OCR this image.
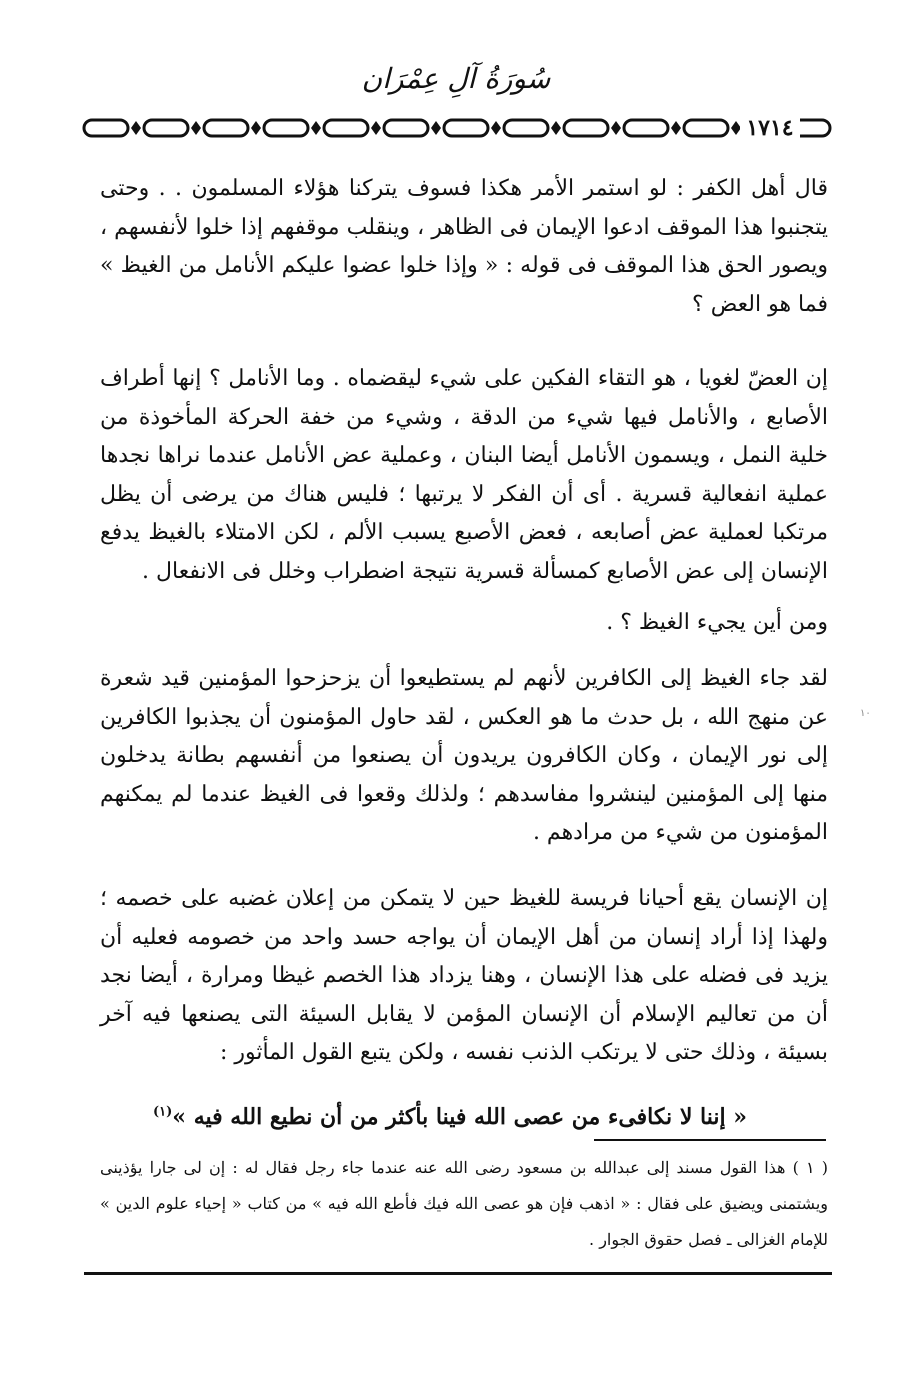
سُورَةُ آلِ عِمْرَان
١٧١٤
قال أهل الكفر : لو استمر الأمر هكذا فسوف يتركنا هؤلاء المسلمون . . وحتى يتجنبوا هذا الموقف ادعوا الإيمان فى الظاهر ، وينقلب موقفهم إذا خلوا لأنفسهم ، ويصور الحق هذا الموقف فى قوله : « وإذا خلوا عضوا عليكم الأنامل من الغيظ » فما هو العض ؟
إن العضّ لغويا ، هو التقاء الفكين على شيء ليقضماه . وما الأنامل ؟ إنها أطراف الأصابع ، والأنامل فيها شيء من الدقة ، وشيء من خفة الحركة المأخوذة من خلية النمل ، ويسمون الأنامل أيضا البنان ، وعملية عض الأنامل عندما نراها نجدها عملية انفعالية قسرية . أى أن الفكر لا يرتبها ؛ فليس هناك من يرضى أن يظل مرتكبا لعملية عض أصابعه ، فعض الأصبع يسبب الألم ، لكن الامتلاء بالغيظ يدفع الإنسان إلى عض الأصابع كمسألة قسرية نتيجة اضطراب وخلل فى الانفعال .
ومن أين يجيء الغيظ ؟ .
لقد جاء الغيظ إلى الكافرين لأنهم لم يستطيعوا أن يزحزحوا المؤمنين قيد شعرة عن منهج الله ، بل حدث ما هو العكس ، لقد حاول المؤمنون أن يجذبوا الكافرين إلى نور الإيمان ، وكان الكافرون يريدون أن يصنعوا من أنفسهم بطانة يدخلون منها إلى المؤمنين لينشروا مفاسدهم ؛ ولذلك وقعوا فى الغيظ عندما لم يمكنهم المؤمنون من شيء من مرادهم .
إن الإنسان يقع أحيانا فريسة للغيظ حين لا يتمكن من إعلان غضبه على خصمه ؛ ولهذا إذا أراد إنسان من أهل الإيمان أن يواجه حسد واحد من خصومه فعليه أن يزيد فى فضله على هذا الإنسان ، وهنا يزداد هذا الخصم غيظا ومرارة ، أيضا نجد أن من تعاليم الإسلام أن الإنسان المؤمن لا يقابل السيئة التى يصنعها فيه آخر بسيئة ، وذلك حتى لا يرتكب الذنب نفسه ، ولكن يتبع القول المأثور :
« إننا لا نكافىء من عصى الله فينا بأكثر من أن نطيع الله فيه »$^{(١)}$
( ١ ) هذا القول مسند إلى عبدالله بن مسعود رضى الله عنه عندما جاء رجل فقال له : إن لى جارا يؤذينى ويشتمنى ويضيق على فقال : « اذهب فإن هو عصى الله فيك فأطع الله فيه » من كتاب « إحياء علوم الدين » للإمام الغزالى ـ فصل حقوق الجوار .
١٠
